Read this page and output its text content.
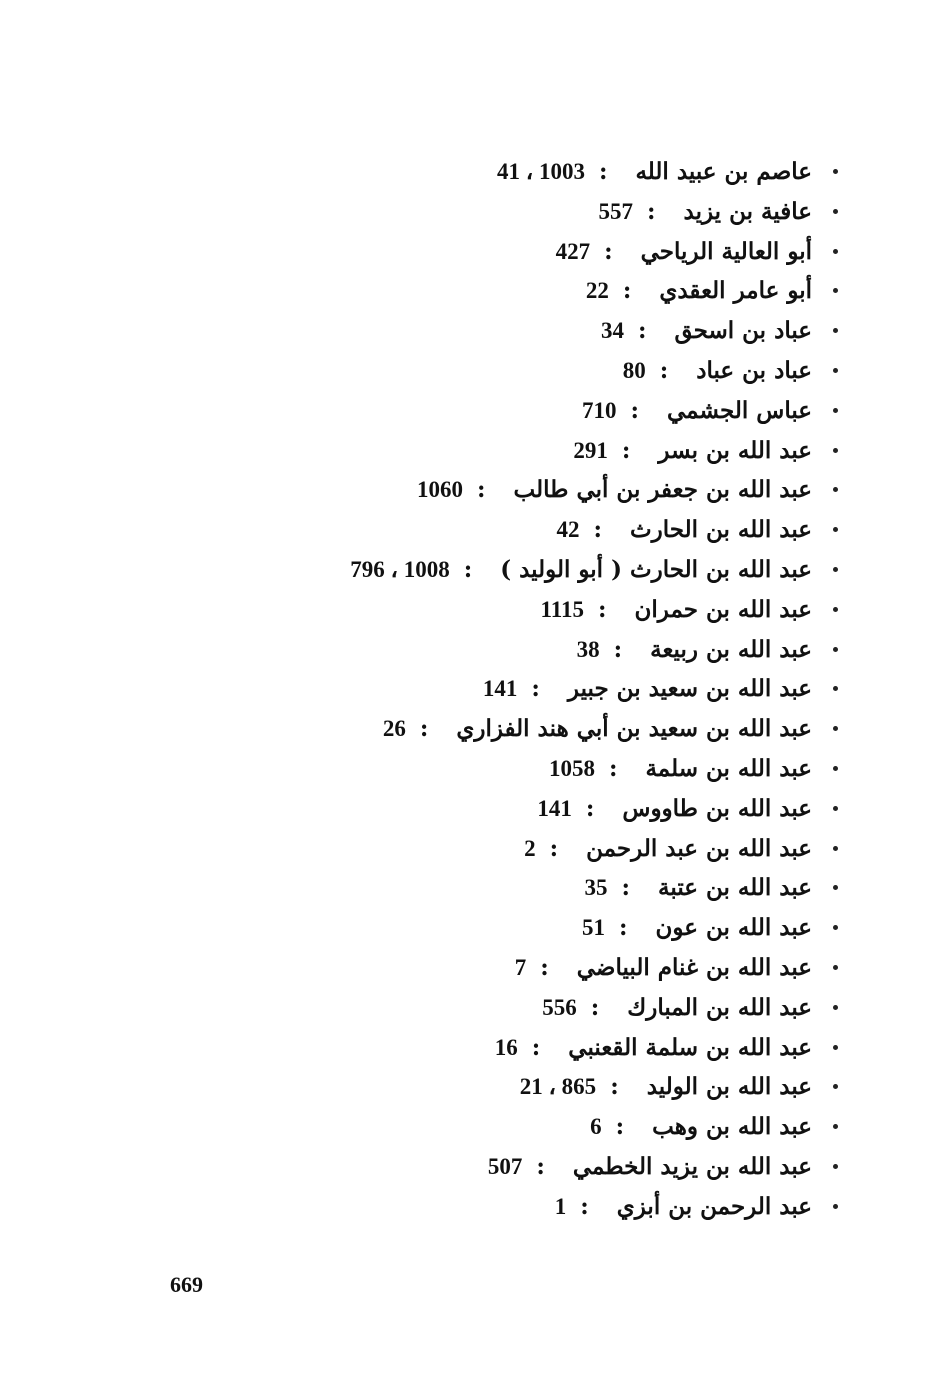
عاصم بن عبيد الله:41 ، 1003
عافية بن يزيد:557
أبو العالية الرياحي:427
أبو عامر العقدي:22
عباد بن اسحق:34
عباد بن عباد:80
عباس الجشمي:710
عبد الله بن بسر:291
عبد الله بن جعفر بن أبي طالب:1060
عبد الله بن الحارث:42
عبد الله بن الحارث ( أبو الوليد ):796 ، 1008
عبد الله بن حمران:1115
عبد الله بن ربيعة:38
عبد الله بن سعيد بن جبير:141
عبد الله بن سعيد بن أبي هند الفزاري:26
عبد الله بن سلمة:1058
عبد الله بن طاووس:141
عبد الله بن عبد الرحمن:2
عبد الله بن عتبة:35
عبد الله بن عون:51
عبد الله بن غنام البياضي:7
عبد الله بن المبارك:556
عبد الله بن سلمة القعنبي:16
عبد الله بن الوليد:21 ، 865
عبد الله بن وهب:6
عبد الله بن يزيد الخطمي:507
عبد الرحمن بن أبزي:1
669
